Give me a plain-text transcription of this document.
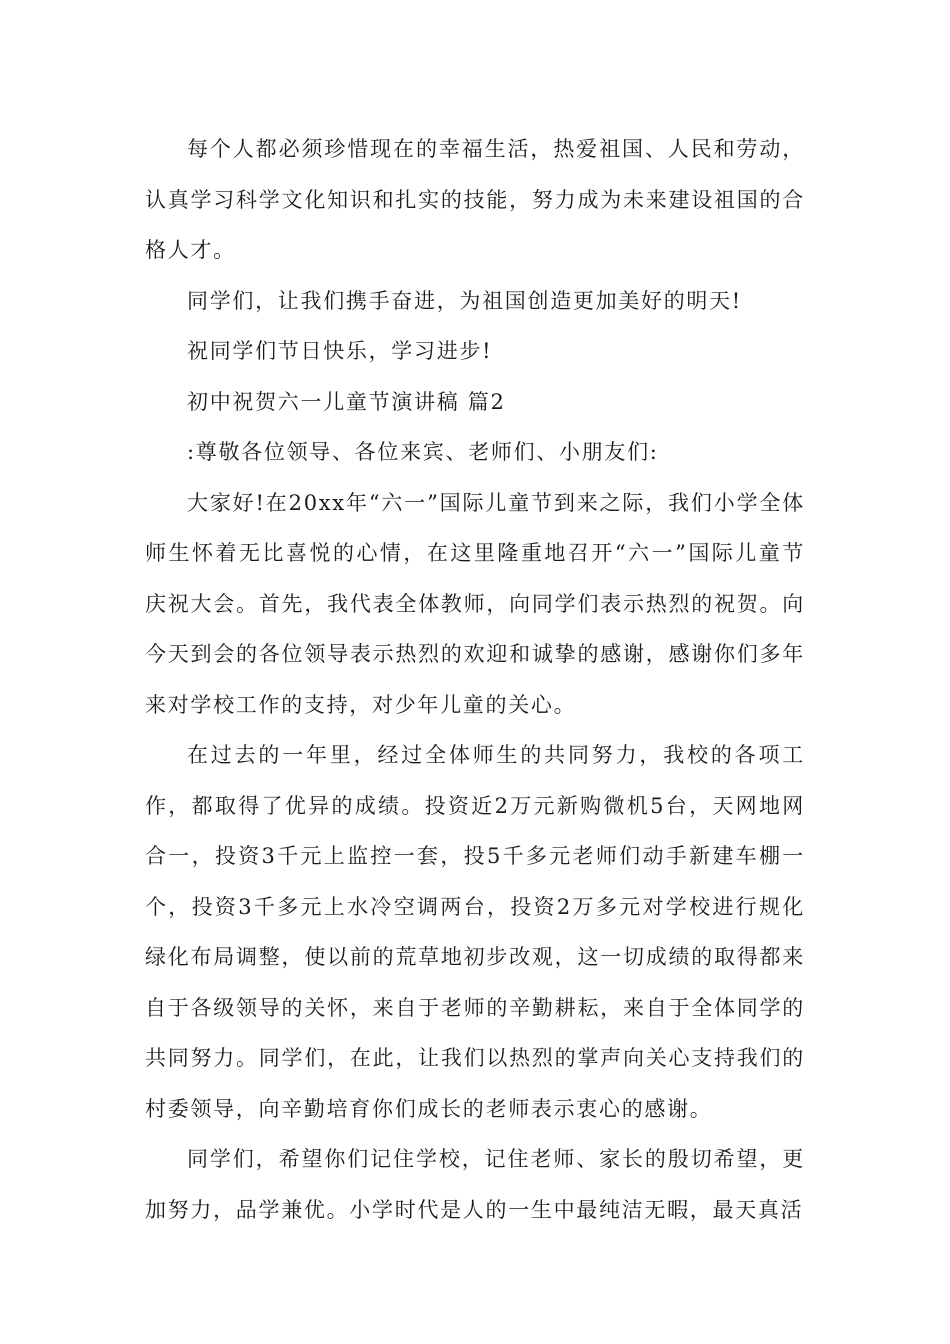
每个人都必须珍惜现在的幸福生活，热爱祖国、人民和劳动，认真学习科学文化知识和扎实的技能，努力成为未来建设祖国的合格人才。

同学们，让我们携手奋进，为祖国创造更加美好的明天!

祝同学们节日快乐，学习进步!

初中祝贺六一儿童节演讲稿 篇2

:尊敬各位领导、各位来宾、老师们、小朋友们:

大家好!在20xx年“六一”国际儿童节到来之际，我们小学全体师生怀着无比喜悦的心情，在这里隆重地召开“六一”国际儿童节庆祝大会。首先，我代表全体教师，向同学们表示热烈的祝贺。向今天到会的各位领导表示热烈的欢迎和诚挚的感谢，感谢你们多年来对学校工作的支持，对少年儿童的关心。

在过去的一年里，经过全体师生的共同努力，我校的各项工作，都取得了优异的成绩。投资近2万元新购微机5台，天网地网合一，投资3千元上监控一套，投5千多元老师们动手新建车棚一个，投资3千多元上水冷空调两台，投资2万多元对学校进行规化绿化布局调整，使以前的荒草地初步改观，这一切成绩的取得都来自于各级领导的关怀，来自于老师的辛勤耕耘，来自于全体同学的共同努力。同学们，在此，让我们以热烈的掌声向关心支持我们的村委领导，向辛勤培育你们成长的老师表示衷心的感谢。

同学们，希望你们记住学校，记住老师、家长的殷切希望，更加努力，品学兼优。小学时代是人的一生中最纯洁无暇，最天真活
